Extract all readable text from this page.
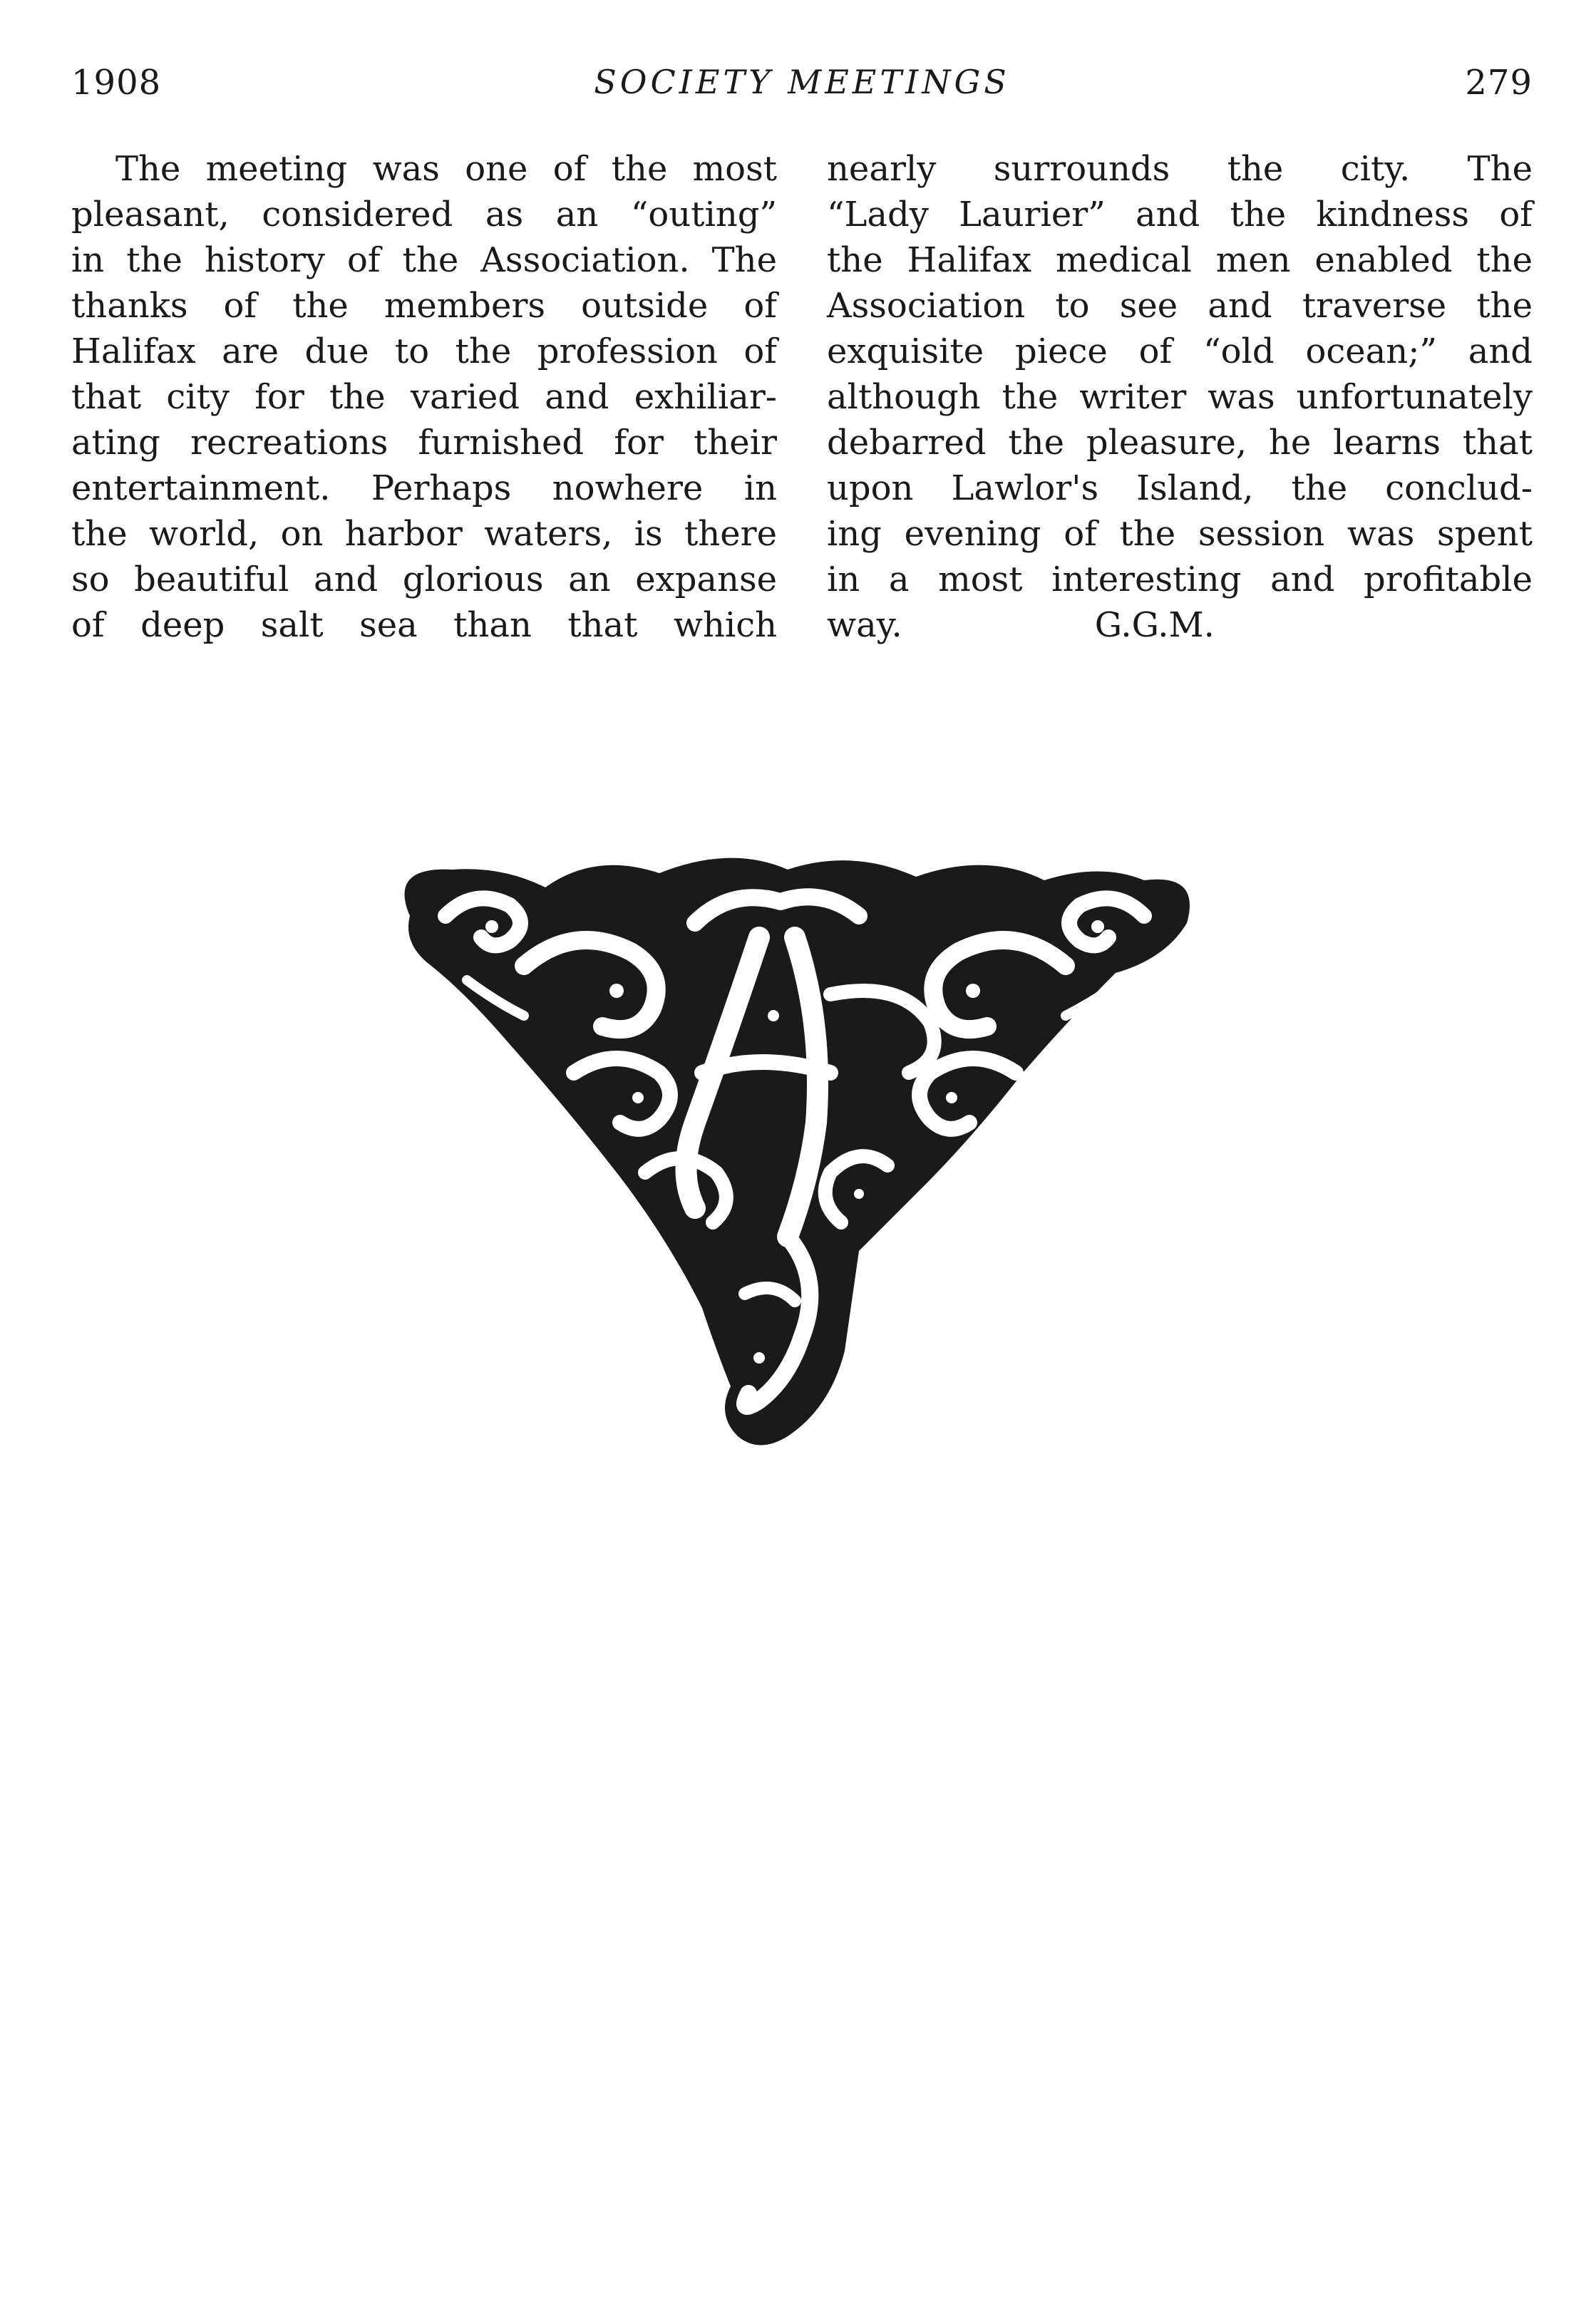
1908	SOCIETY MEETINGS	279
The meeting was one of the most
pleasant, considered as an “outing”
in the history of the Association. The
thanks of the members outside of
Halifax are due to the profession of
that city for the varied and exhiliar-
ating recreations furnished for their
entertainment. Perhaps nowhere in
the world, on harbor waters, is there
so beautiful and glorious an expanse
of deep salt sea than that which
nearly surrounds the city. The
“Lady Laurier” and the kindness of
the Halifax medical men enabled the
Association to see and traverse the
exquisite piece of “old ocean;” and
although the writer was unfortunately
debarred the pleasure, he learns that
upon Lawlor's Island, the conclud-
ing evening of the session was spent
in a most interesting and profitable
way.	G.G.M.
